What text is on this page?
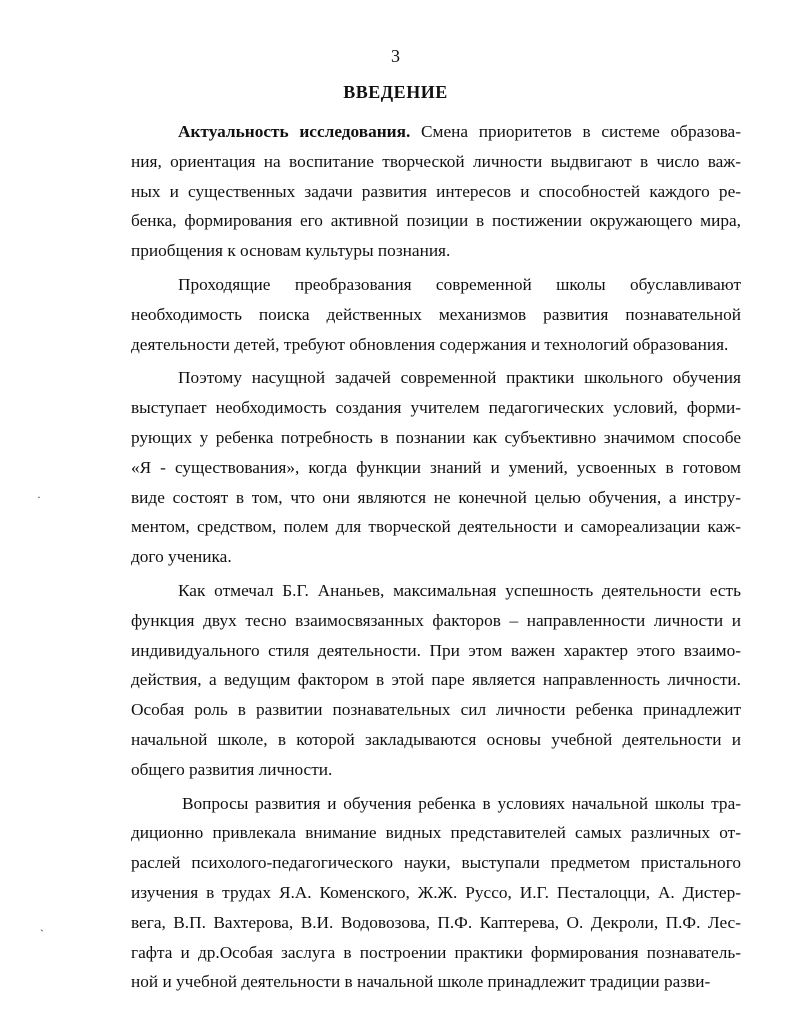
3
ВВЕДЕНИЕ
Актуальность исследования. Смена приоритетов в системе образова-
ния, ориентация на воспитание творческой личности выдвигают в число важ-
ных и существенных задачи развития интересов и способностей каждого ре-
бенка, формирования его активной позиции в постижении окружающего мира,
приобщения к основам культуры познания.
Проходящие преобразования современной школы обуславливают
необходимость поиска действенных механизмов развития познавательной
деятельности детей, требуют обновления содержания и технологий образования.
Поэтому насущной задачей современной практики школьного обучения
выступает необходимость создания учителем педагогических условий, форми-
рующих у ребенка потребность в познании как субъективно значимом способе
«Я - существования», когда функции знаний и умений, усвоенных в готовом
виде состоят в том, что они являются не конечной целью обучения, а инстру-
ментом, средством, полем для творческой деятельности и самореализации каж-
дого ученика.
Как отмечал Б.Г. Ананьев, максимальная успешность деятельности есть
функция двух тесно взаимосвязанных факторов – направленности личности и
индивидуального стиля деятельности. При этом важен характер этого взаимо-
действия, а ведущим фактором в этой паре является направленность личности.
Особая роль в развитии познавательных сил личности ребенка принадлежит
начальной школе, в которой закладываются основы учебной деятельности и
общего развития личности.
Вопросы развития и обучения ребенка в условиях начальной школы тра-
диционно привлекала внимание видных представителей самых различных от-
раслей психолого-педагогического науки, выступали предметом пристального
изучения в трудах Я.А. Коменского, Ж.Ж. Руссо, И.Г. Песталоцци, А. Дистер-
вега, В.П. Вахтерова, В.И. Водовозова, П.Ф. Каптерева, О. Декроли, П.Ф. Лес-
гафта и др.Особая заслуга в построении практики формирования познаватель-
ной и учебной деятельности в начальной школе принадлежит традиции разви-
·
ˏ
